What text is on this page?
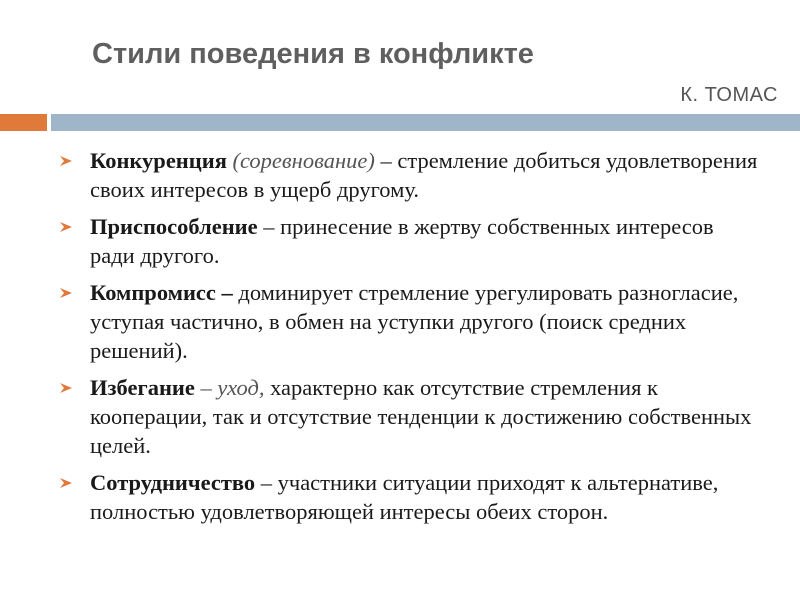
Стили поведения в конфликте
К. ТОМАС
Конкуренция (соревнование) – стремление добиться удовлетворения своих интересов в ущерб другому.
Приспособление – принесение в жертву собственных интересов ради другого.
Компромисс – доминирует стремление урегулировать разногласие, уступая частично, в обмен на уступки другого (поиск средних решений).
Избегание – уход, характерно как отсутствие стремления к кооперации, так и отсутствие тенденции к достижению собственных целей.
Сотрудничество – участники ситуации приходят к альтернативе, полностью удовлетворяющей интересы обеих сторон.
